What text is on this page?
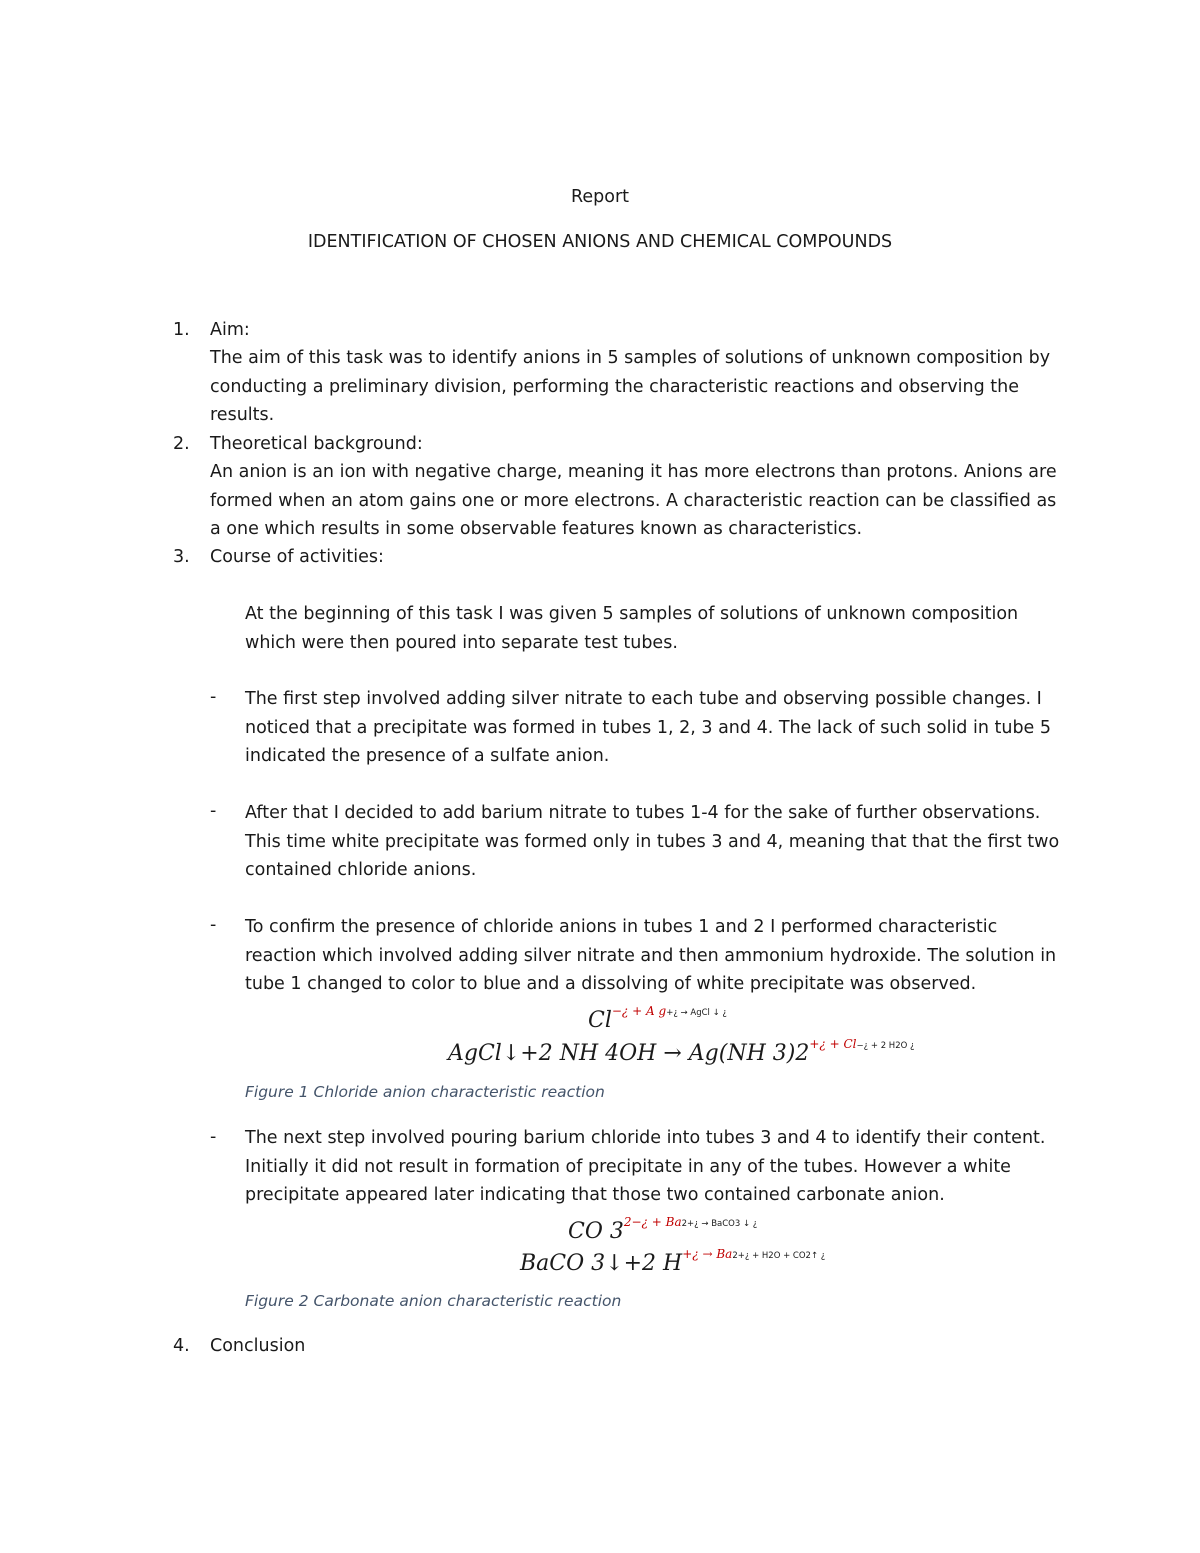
Report
IDENTIFICATION OF CHOSEN ANIONS AND CHEMICAL COMPOUNDS
1. Aim:
The aim of this task was to identify anions in 5 samples of solutions of unknown composition by
conducting a preliminary division, performing the characteristic reactions and observing the
results.
2. Theoretical background:
An anion is an ion with negative charge, meaning it has more electrons than protons. Anions are
formed when an atom gains one or more electrons. A characteristic reaction can be classified as
a one which results in some observable features known as characteristics.
3. Course of activities:
At the beginning of this task I was given 5 samples of solutions of unknown composition
which were then poured into separate test tubes.
- The first step involved adding silver nitrate to each tube and observing possible changes. I
noticed that a precipitate was formed in tubes 1, 2, 3 and 4. The lack of such solid in tube 5
indicated the presence of a sulfate anion.
- After that I decided to add barium nitrate to tubes 1-4 for the sake of further observations.
This time white precipitate was formed only in tubes 3 and 4, meaning that that the first two
contained chloride anions.
- To confirm the presence of chloride anions in tubes 1 and 2 I performed characteristic
reaction which involved adding silver nitrate and then ammonium hydroxide. The solution in
tube 1 changed to color to blue and a dissolving of white precipitate was observed.
$Cl^{-¿ + A g+¿ \to AgCl ↓ ¿}$
AgCl↓+2 NH 4OH → Ag(NH $3)2^{+¿ + Cl-¿ + 2 H2O ¿}$
Figure 1 Chloride anion characteristic reaction
- The next step involved pouring barium chloride into tubes 3 and 4 to identify their content.
Initially it did not result in formation of precipitate in any of the tubes. However a white
precipitate appeared later indicating that those two contained carbonate anion.
CO $3^{2-¿ + Ba2+¿ \to BaCO3 ↓ ¿}$
BaCO 3↓+2 $H^{+¿ \to Ba2+¿ + H2O + CO2↑ ¿}$
Figure 2 Carbonate anion characteristic reaction
4. Conclusion
